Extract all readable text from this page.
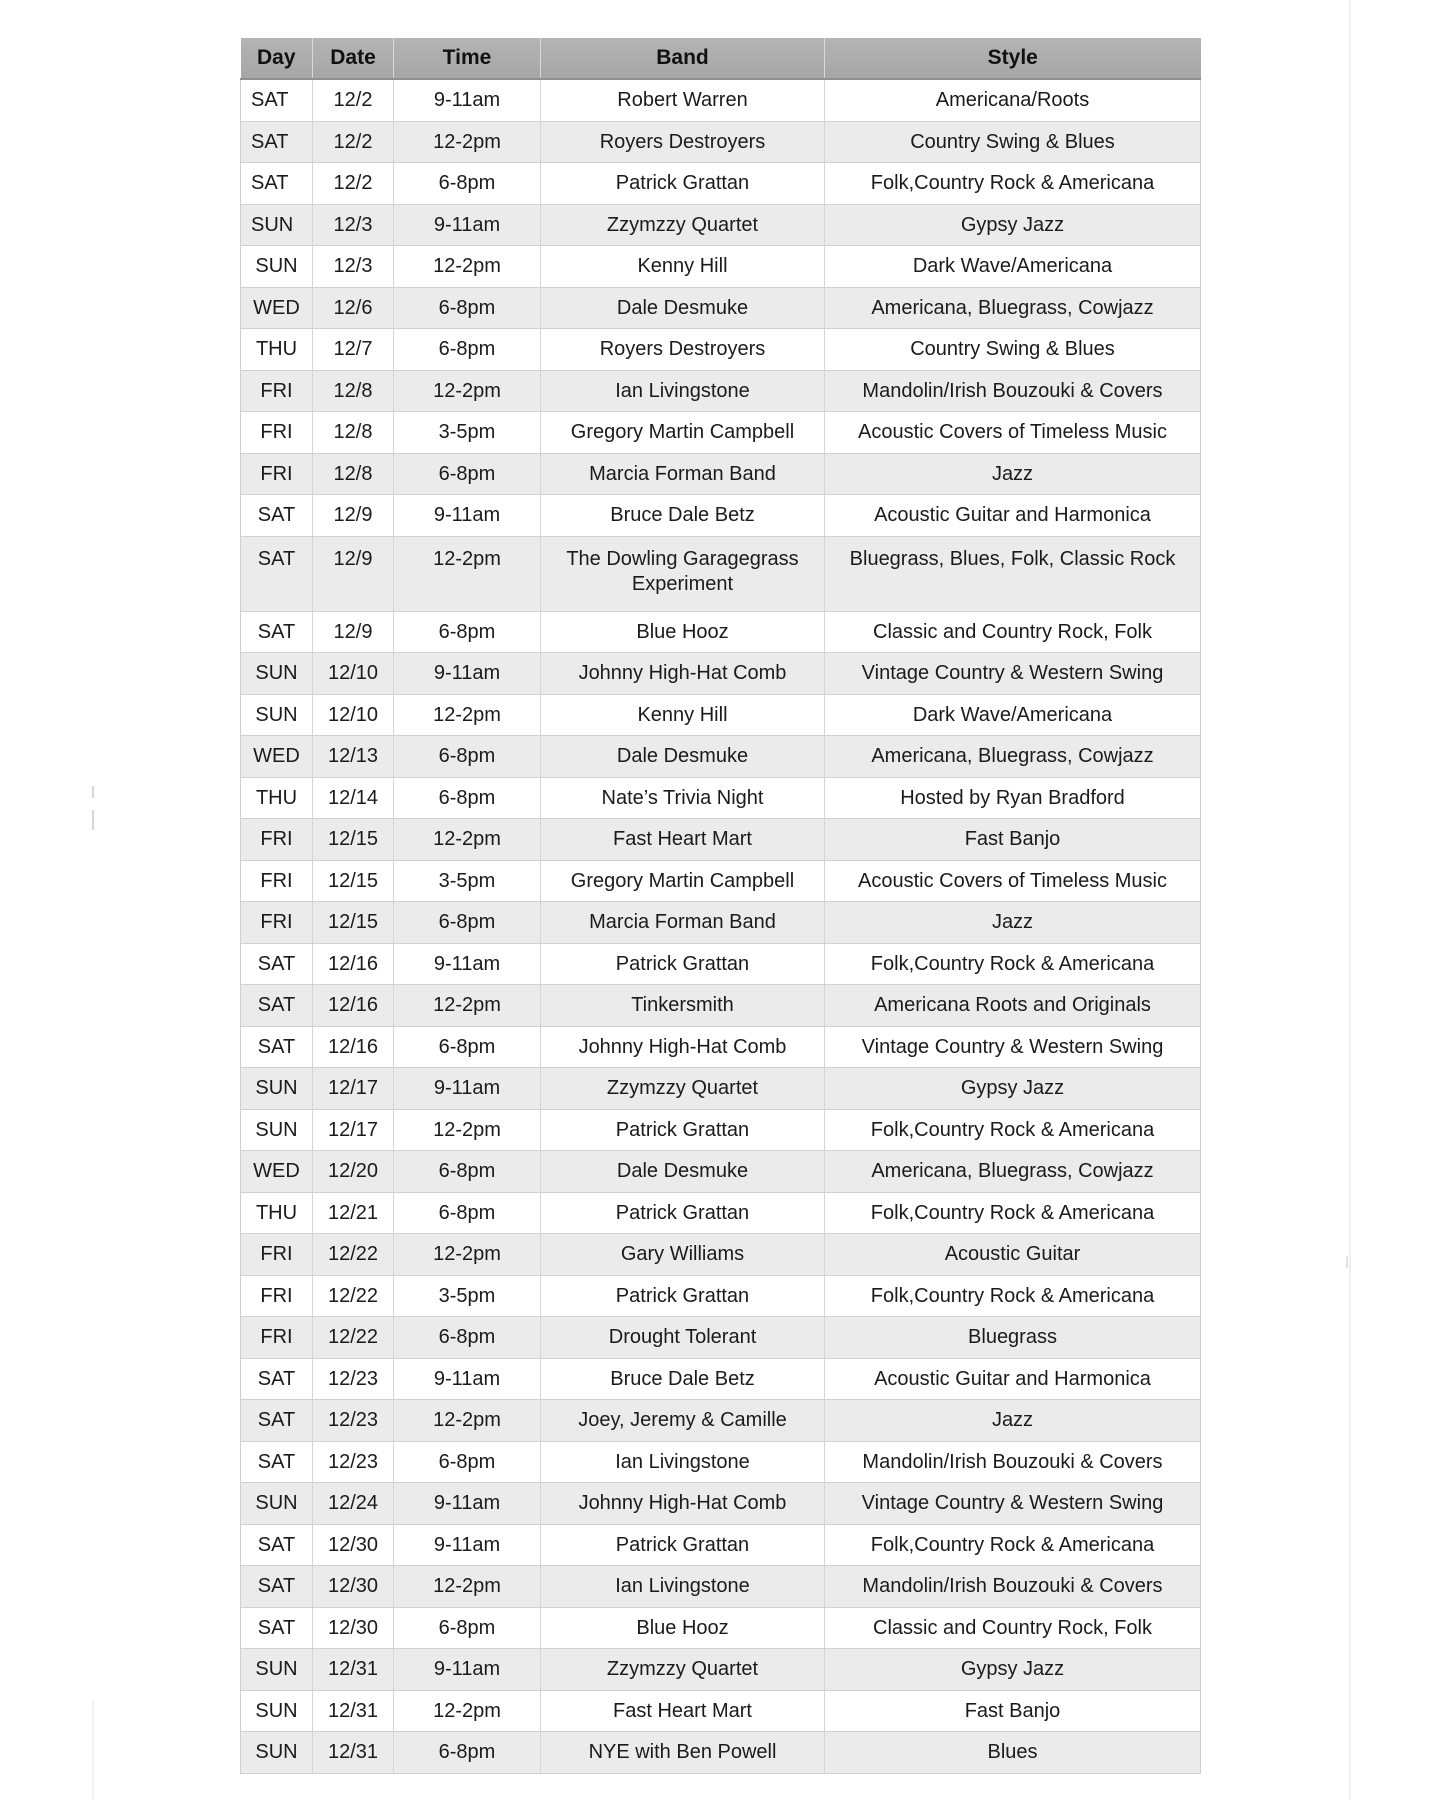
Day	Date	Time	Band	Style
SAT	12/2	9-11am	Robert Warren	Americana/Roots
SAT	12/2	12-2pm	Royers Destroyers	Country Swing & Blues
SAT	12/2	6-8pm	Patrick Grattan	Folk,Country Rock & Americana
SUN	12/3	9-11am	Zzymzzy Quartet	Gypsy Jazz
SUN	12/3	12-2pm	Kenny Hill	Dark Wave/Americana
WED	12/6	6-8pm	Dale Desmuke	Americana, Bluegrass, Cowjazz
THU	12/7	6-8pm	Royers Destroyers	Country Swing & Blues
FRI	12/8	12-2pm	Ian Livingstone	Mandolin/Irish Bouzouki & Covers
FRI	12/8	3-5pm	Gregory Martin Campbell	Acoustic Covers of Timeless Music
FRI	12/8	6-8pm	Marcia Forman Band	Jazz
SAT	12/9	9-11am	Bruce Dale Betz	Acoustic Guitar and Harmonica
SAT	12/9	12-2pm	The Dowling Garagegrass Experiment	Bluegrass, Blues, Folk, Classic Rock
SAT	12/9	6-8pm	Blue Hooz	Classic and Country Rock, Folk
SUN	12/10	9-11am	Johnny High-Hat Comb	Vintage Country & Western Swing
SUN	12/10	12-2pm	Kenny Hill	Dark Wave/Americana
WED	12/13	6-8pm	Dale Desmuke	Americana, Bluegrass, Cowjazz
THU	12/14	6-8pm	Nate’s Trivia Night	Hosted by Ryan Bradford
FRI	12/15	12-2pm	Fast Heart Mart	Fast Banjo
FRI	12/15	3-5pm	Gregory Martin Campbell	Acoustic Covers of Timeless Music
FRI	12/15	6-8pm	Marcia Forman Band	Jazz
SAT	12/16	9-11am	Patrick Grattan	Folk,Country Rock & Americana
SAT	12/16	12-2pm	Tinkersmith	Americana Roots and Originals
SAT	12/16	6-8pm	Johnny High-Hat Comb	Vintage Country & Western Swing
SUN	12/17	9-11am	Zzymzzy Quartet	Gypsy Jazz
SUN	12/17	12-2pm	Patrick Grattan	Folk,Country Rock & Americana
WED	12/20	6-8pm	Dale Desmuke	Americana, Bluegrass, Cowjazz
THU	12/21	6-8pm	Patrick Grattan	Folk,Country Rock & Americana
FRI	12/22	12-2pm	Gary Williams	Acoustic Guitar
FRI	12/22	3-5pm	Patrick Grattan	Folk,Country Rock & Americana
FRI	12/22	6-8pm	Drought Tolerant	Bluegrass
SAT	12/23	9-11am	Bruce Dale Betz	Acoustic Guitar and Harmonica
SAT	12/23	12-2pm	Joey, Jeremy & Camille	Jazz
SAT	12/23	6-8pm	Ian Livingstone	Mandolin/Irish Bouzouki & Covers
SUN	12/24	9-11am	Johnny High-Hat Comb	Vintage Country & Western Swing
SAT	12/30	9-11am	Patrick Grattan	Folk,Country Rock & Americana
SAT	12/30	12-2pm	Ian Livingstone	Mandolin/Irish Bouzouki & Covers
SAT	12/30	6-8pm	Blue Hooz	Classic and Country Rock, Folk
SUN	12/31	9-11am	Zzymzzy Quartet	Gypsy Jazz
SUN	12/31	12-2pm	Fast Heart Mart	Fast Banjo
SUN	12/31	6-8pm	NYE with Ben Powell	Blues
